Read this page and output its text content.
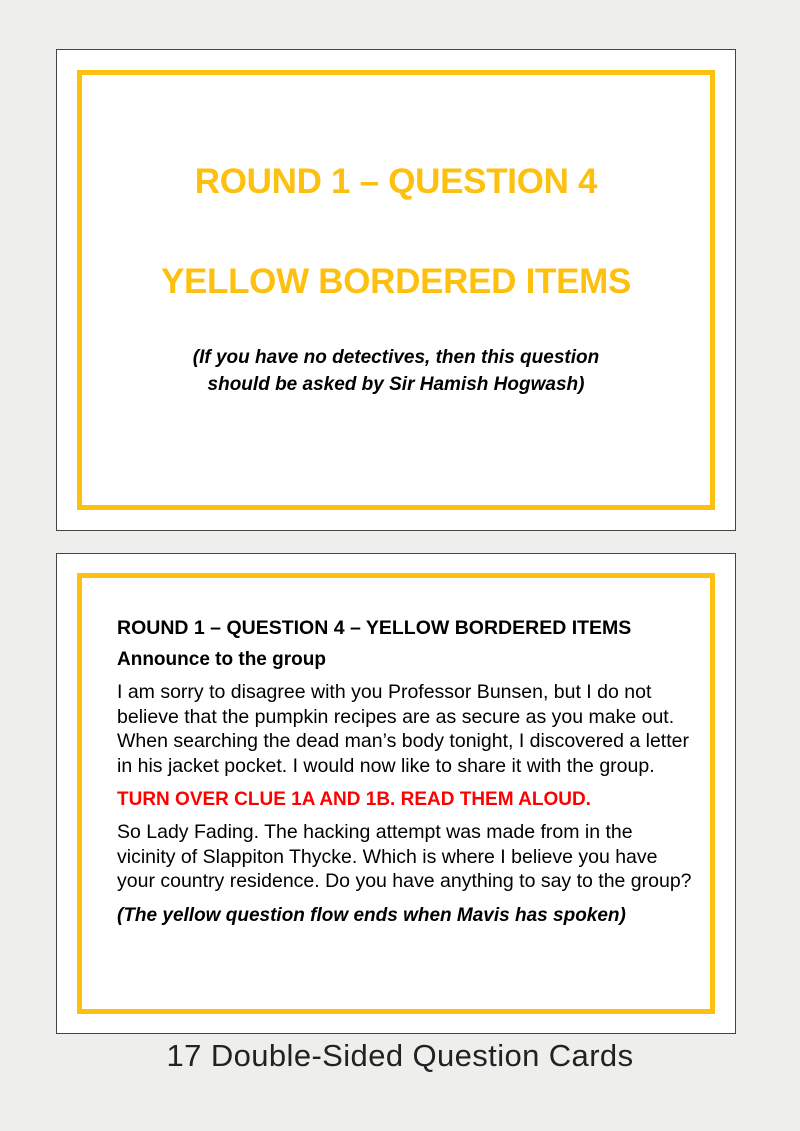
ROUND 1 – QUESTION 4
YELLOW BORDERED ITEMS
(If you have no detectives, then this question
should be asked by Sir Hamish Hogwash)

ROUND 1 – QUESTION 4 – YELLOW BORDERED ITEMS

Announce to the group

I am sorry to disagree with you Professor Bunsen, but I do not believe that the pumpkin recipes are as secure as you make out. When searching the dead man’s body tonight, I discovered a letter in his jacket pocket. I would now like to share it with the group.

TURN OVER CLUE 1A AND 1B. READ THEM ALOUD.

So Lady Fading. The hacking attempt was made from in the vicinity of Slappiton Thycke. Which is where I believe you have your country residence. Do you have anything to say to the group?

(The yellow question flow ends when Mavis has spoken)

17 Double-Sided Question Cards
